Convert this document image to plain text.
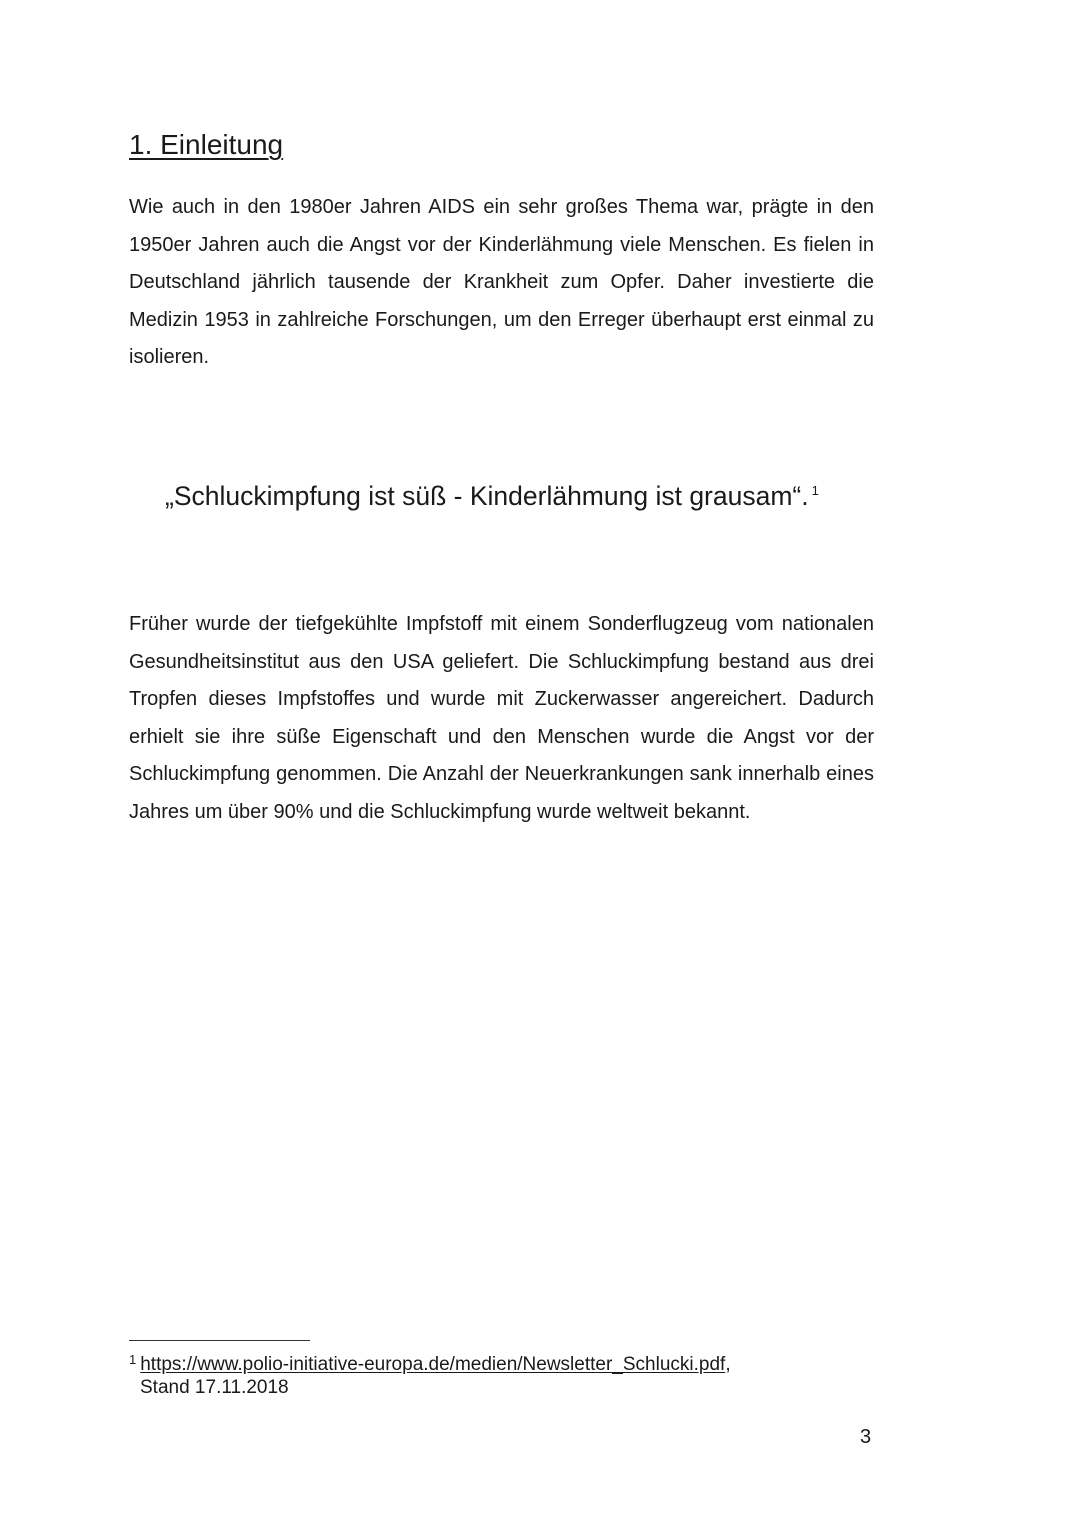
1. Einleitung

Wie auch in den 1980er Jahren AIDS ein sehr großes Thema war, prägte in den 1950er Jahren auch die Angst vor der Kinderlähmung viele Menschen. Es fielen in Deutschland jährlich tausende der Krankheit zum Opfer. Daher investierte die Medizin 1953 in zahlreiche Forschungen, um den Erreger überhaupt erst einmal zu isolieren.

„Schluckimpfung ist süß - Kinderlähmung ist grausam“. $^1$

Früher wurde der tiefgekühlte Impfstoff mit einem Sonderflugzeug vom nationalen Gesundheitsinstitut aus den USA geliefert. Die Schluckimpfung bestand aus drei Tropfen dieses Impfstoffes und wurde mit Zuckerwasser angereichert. Dadurch erhielt sie ihre süße Eigenschaft und den Menschen wurde die Angst vor der Schluckimpfung genommen. Die Anzahl der Neuerkrankungen sank innerhalb eines Jahres um über 90% und die Schluckimpfung wurde weltweit bekannt.

$^1$ https://www.polio-initiative-europa.de/medien/Newsletter_Schlucki.pdf,
Stand 17.11.2018
3
